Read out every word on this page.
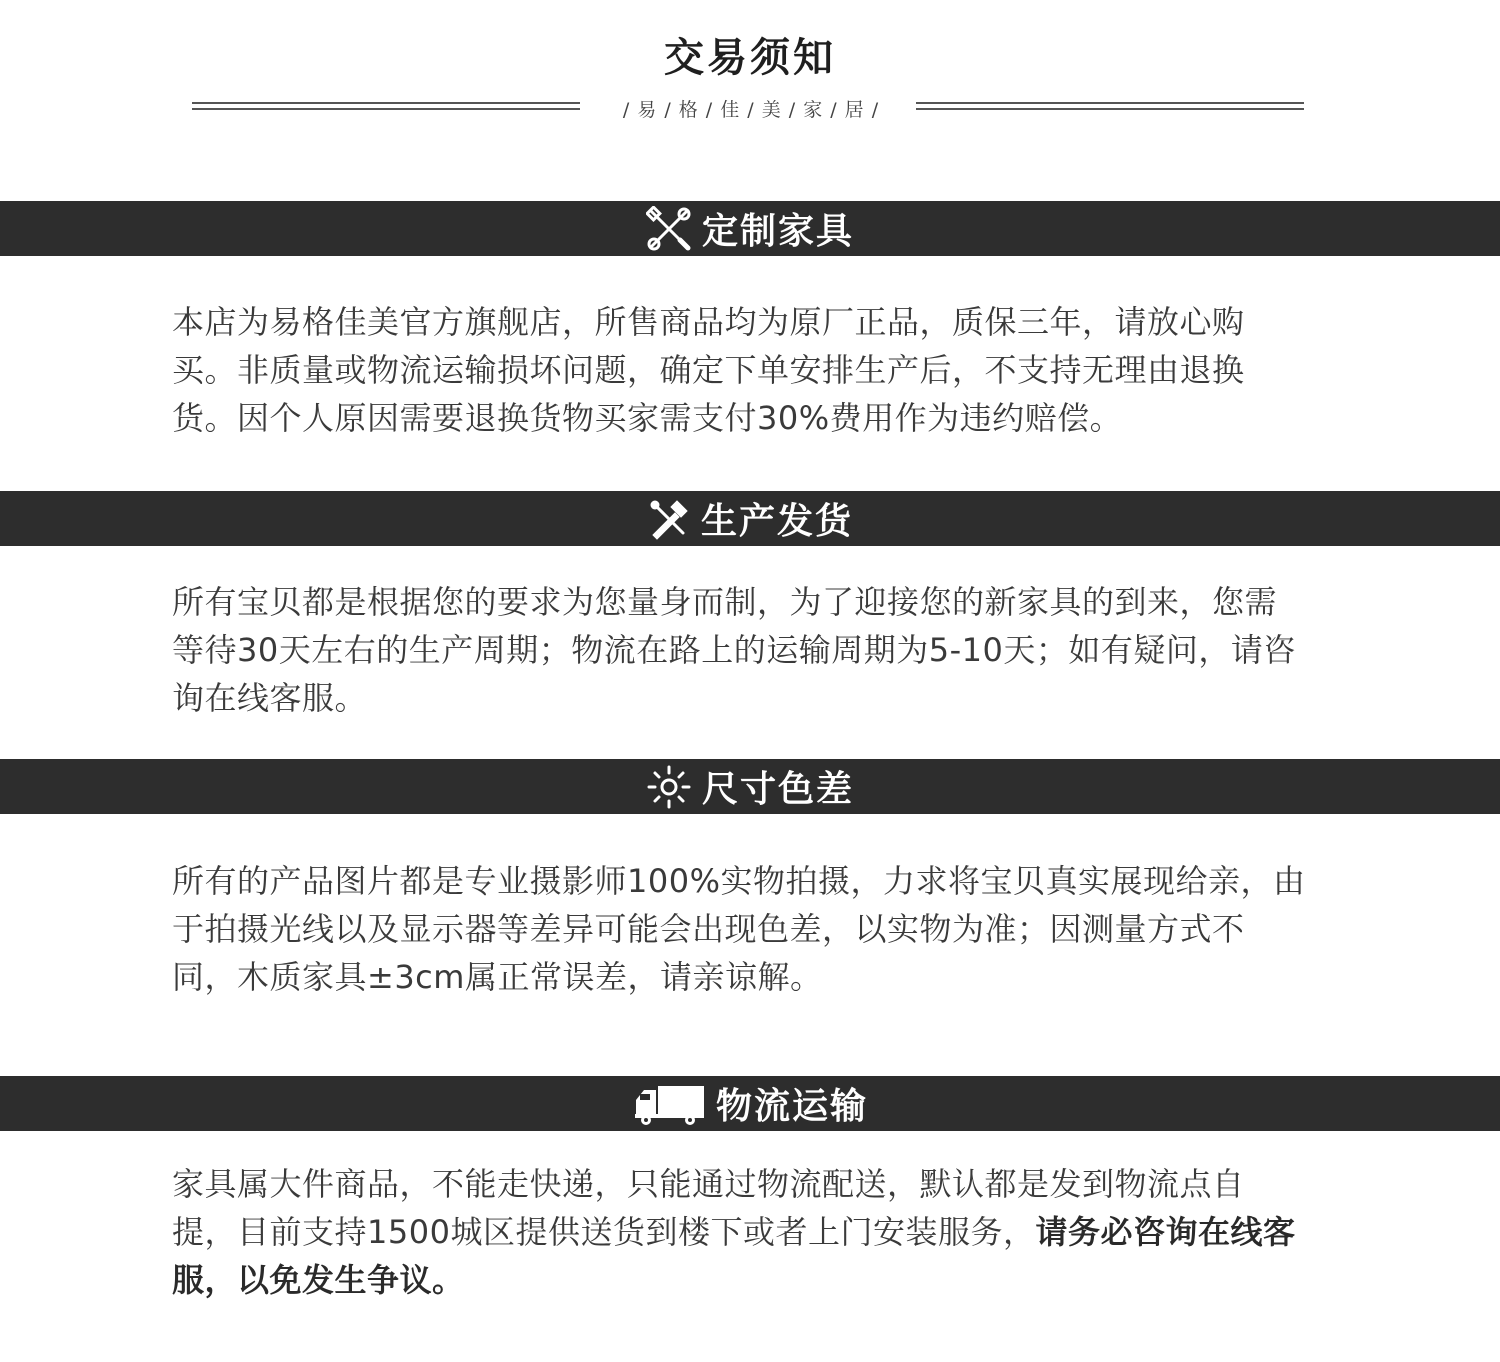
交易须知
/ 易 / 格 / 佳 / 美 / 家 / 居 /
定制家具
本店为易格佳美官方旗舰店，所售商品均为原厂正品，质保三年，请放心购买。非质量或物流运输损坏问题，确定下单安排生产后，不支持无理由退换货。因个人原因需要退换货物买家需支付30%费用作为违约赔偿。
生产发货
所有宝贝都是根据您的要求为您量身而制，为了迎接您的新家具的到来，您需等待30天左右的生产周期；物流在路上的运输周期为5-10天；如有疑问，请咨询在线客服。
尺寸色差
所有的产品图片都是专业摄影师100%实物拍摄，力求将宝贝真实展现给亲，由于拍摄光线以及显示器等差异可能会出现色差，以实物为准；因测量方式不同，木质家具±3cm属正常误差，请亲谅解。
物流运输
家具属大件商品，不能走快递，只能通过物流配送，默认都是发到物流点自提，目前支持1500城区提供送货到楼下或者上门安装服务，请务必咨询在线客服，以免发生争议。
